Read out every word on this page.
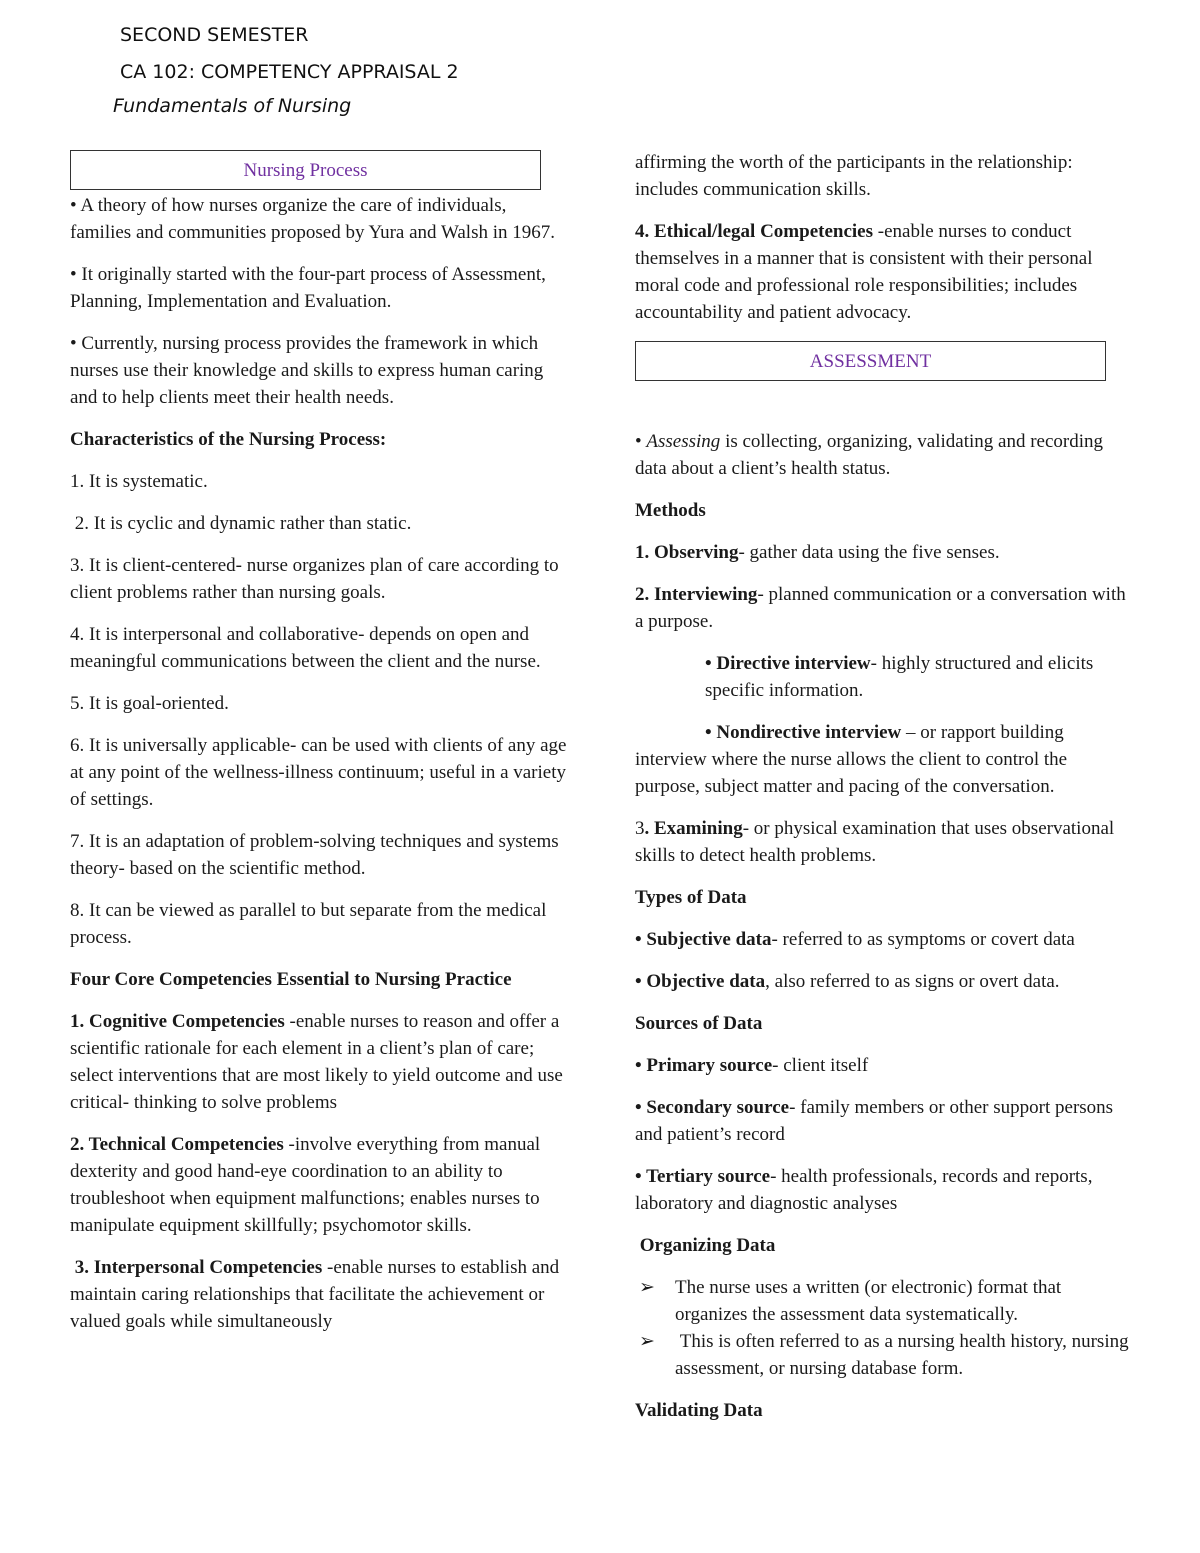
SECOND SEMESTER
CA 102: COMPETENCY APPRAISAL 2
Fundamentals of Nursing
Nursing Process

• A theory of how nurses organize the care of individuals, families and communities proposed by Yura and Walsh in 1967.

• It originally started with the four-part process of Assessment, Planning, Implementation and Evaluation.

• Currently, nursing process provides the framework in which nurses use their knowledge and skills to express human caring and to help clients meet their health needs.

Characteristics of the Nursing Process:

1. It is systematic.

2. It is cyclic and dynamic rather than static.

3. It is client-centered- nurse organizes plan of care according to client problems rather than nursing goals.

4. It is interpersonal and collaborative- depends on open and meaningful communications between the client and the nurse.

5. It is goal-oriented.

6. It is universally applicable- can be used with clients of any age at any point of the wellness-illness continuum; useful in a variety of settings.

7. It is an adaptation of problem-solving techniques and systems theory- based on the scientific method.

8. It can be viewed as parallel to but separate from the medical process.

Four Core Competencies Essential to Nursing Practice

1. Cognitive Competencies -enable nurses to reason and offer a scientific rationale for each element in a client’s plan of care; select interventions that are most likely to yield outcome and use critical- thinking to solve problems

2. Technical Competencies -involve everything from manual dexterity and good hand-eye coordination to an ability to troubleshoot when equipment malfunctions; enables nurses to manipulate equipment skillfully; psychomotor skills.

3. Interpersonal Competencies -enable nurses to establish and maintain caring relationships that facilitate the achievement or valued goals while simultaneously

affirming the worth of the participants in the relationship: includes communication skills.

4. Ethical/legal Competencies -enable nurses to conduct themselves in a manner that is consistent with their personal moral code and professional role responsibilities; includes accountability and patient advocacy.

ASSESSMENT

• Assessing is collecting, organizing, validating and recording data about a client’s health status.

Methods

1. Observing- gather data using the five senses.

2. Interviewing- planned communication or a conversation with a purpose.

• Directive interview- highly structured and elicits specific information.

• Nondirective interview – or rapport building interview where the nurse allows the client to control the purpose, subject matter and pacing of the conversation.

3. Examining- or physical examination that uses observational skills to detect health problems.

Types of Data

• Subjective data- referred to as symptoms or covert data

• Objective data, also referred to as signs or overt data.

Sources of Data

• Primary source- client itself

• Secondary source- family members or other support persons and patient’s record

• Tertiary source- health professionals, records and reports, laboratory and diagnostic analyses

Organizing Data

➢	The nurse uses a written (or electronic) format that organizes the assessment data systematically.
➢	This is often referred to as a nursing health history, nursing assessment, or nursing database form.

Validating Data
